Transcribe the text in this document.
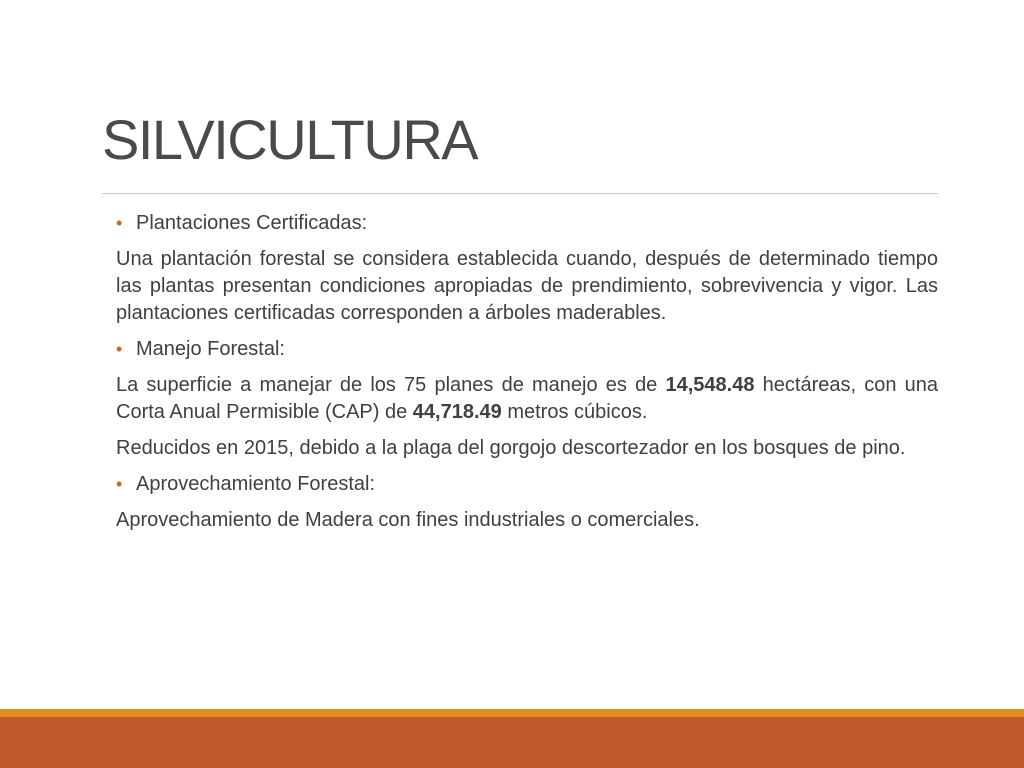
SILVICULTURA
• Plantaciones Certificadas:

Una plantación forestal se considera establecida cuando, después de determinado tiempo las plantas presentan condiciones apropiadas de prendimiento, sobrevivencia y vigor. Las plantaciones certificadas corresponden a árboles maderables.

• Manejo Forestal:

La superficie a manejar de los 75 planes de manejo es de 14,548.48 hectáreas, con una Corta Anual Permisible (CAP) de 44,718.49 metros cúbicos.

Reducidos en 2015, debido a la plaga del gorgojo descortezador en los bosques de pino.

• Aprovechamiento Forestal:

Aprovechamiento de Madera con fines industriales o comerciales.
